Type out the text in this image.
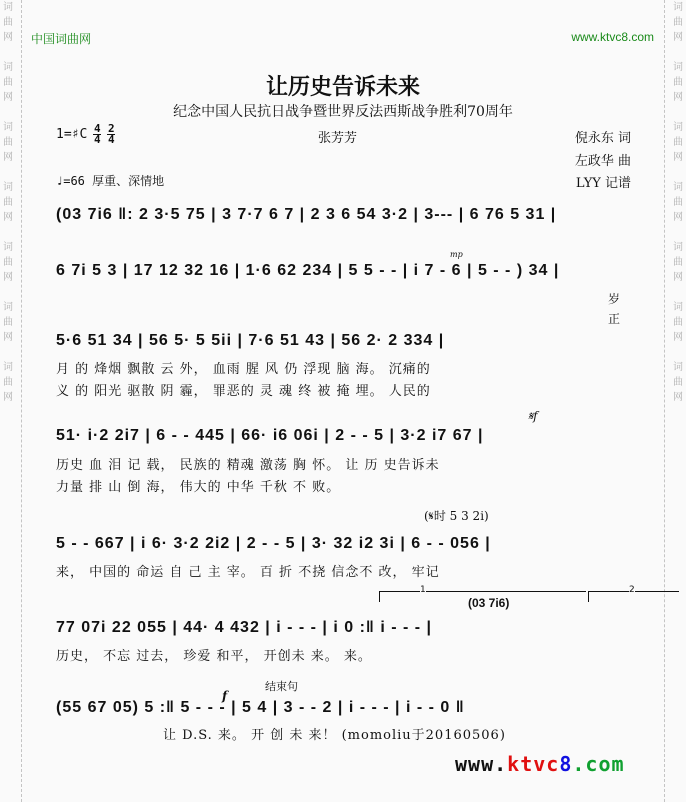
词
曲
网
词
曲
网
词
曲
网
词
曲
网
词
曲
网
词
曲
网
词
曲
网
词
曲
网
词
曲
网
词
曲
网
词
曲
网
词
曲
网
词
曲
网
词
曲
网
中国词曲网	www.ktvc8.com
让历史告诉未来
纪念中国人民抗日战争暨世界反法西斯战争胜利70周年
1=♯C $\frac{4}{4} \frac{2}{4}$	张芳芳	倪永东 词
左政华 曲
LYY 记谱
♩=66 厚重、深情地
(03 7i6 ‖: 2 3·5 75 | 3 7·7 6 7 | 2 3 6 54 3·2 | 3--- | 6 76 5 31 |
6 7i 5 3 | 17 12 32 16 | 1·6 62 234 | 5 5 - - | i 7 - 6 | 5 - - ) 34 |
mp
岁
正
5·6 51 34 | 56 5· 5 5ii | 7·6 51 43 | 56 2· 2 334 |
月 的 烽烟 飘散 云 外， 血雨 腥 风 仍 浮现 脑 海。 沉痛的
义 的 阳光 驱散 阴 霾， 罪恶的 灵 魂 终 被 掩 埋。 人民的
51· i·2 2i7 | 6 - - 445 | 66· i6 06i | 2 - - 5 | 3·2 i7 67 |
𝄋f
历史 血 泪 记 载， 民族的 精魂 激荡 胸 怀。 让 历 史告诉未
力量 排 山 倒 海， 伟大的 中华 千秋 不 败。
(𝄋时 5 3 2i)
5 - - 667 | i 6· 3·2 2i2 | 2 - - 5 | 3· 32 i2 3i | 6 - - 056 |
来， 中国的 命运 自 己 主 宰。 百 折 不挠 信念不 改， 牢记
1	2
(03 7i6)
77 07i 22 055 | 44· 4 432 | i - - - | i 0 :‖ i - - - |
历史， 不忘 过去， 珍爱 和平， 开创未 来。 来。
结束句
f
(55 67 05) 5 :‖ 5 - - - | 5 4 | 3 - - 2 | i - - - | i - - 0 ‖
让 D.S. 来。 开 创 未 来！ (momoliu于20160506)
www.ktvc8.com
